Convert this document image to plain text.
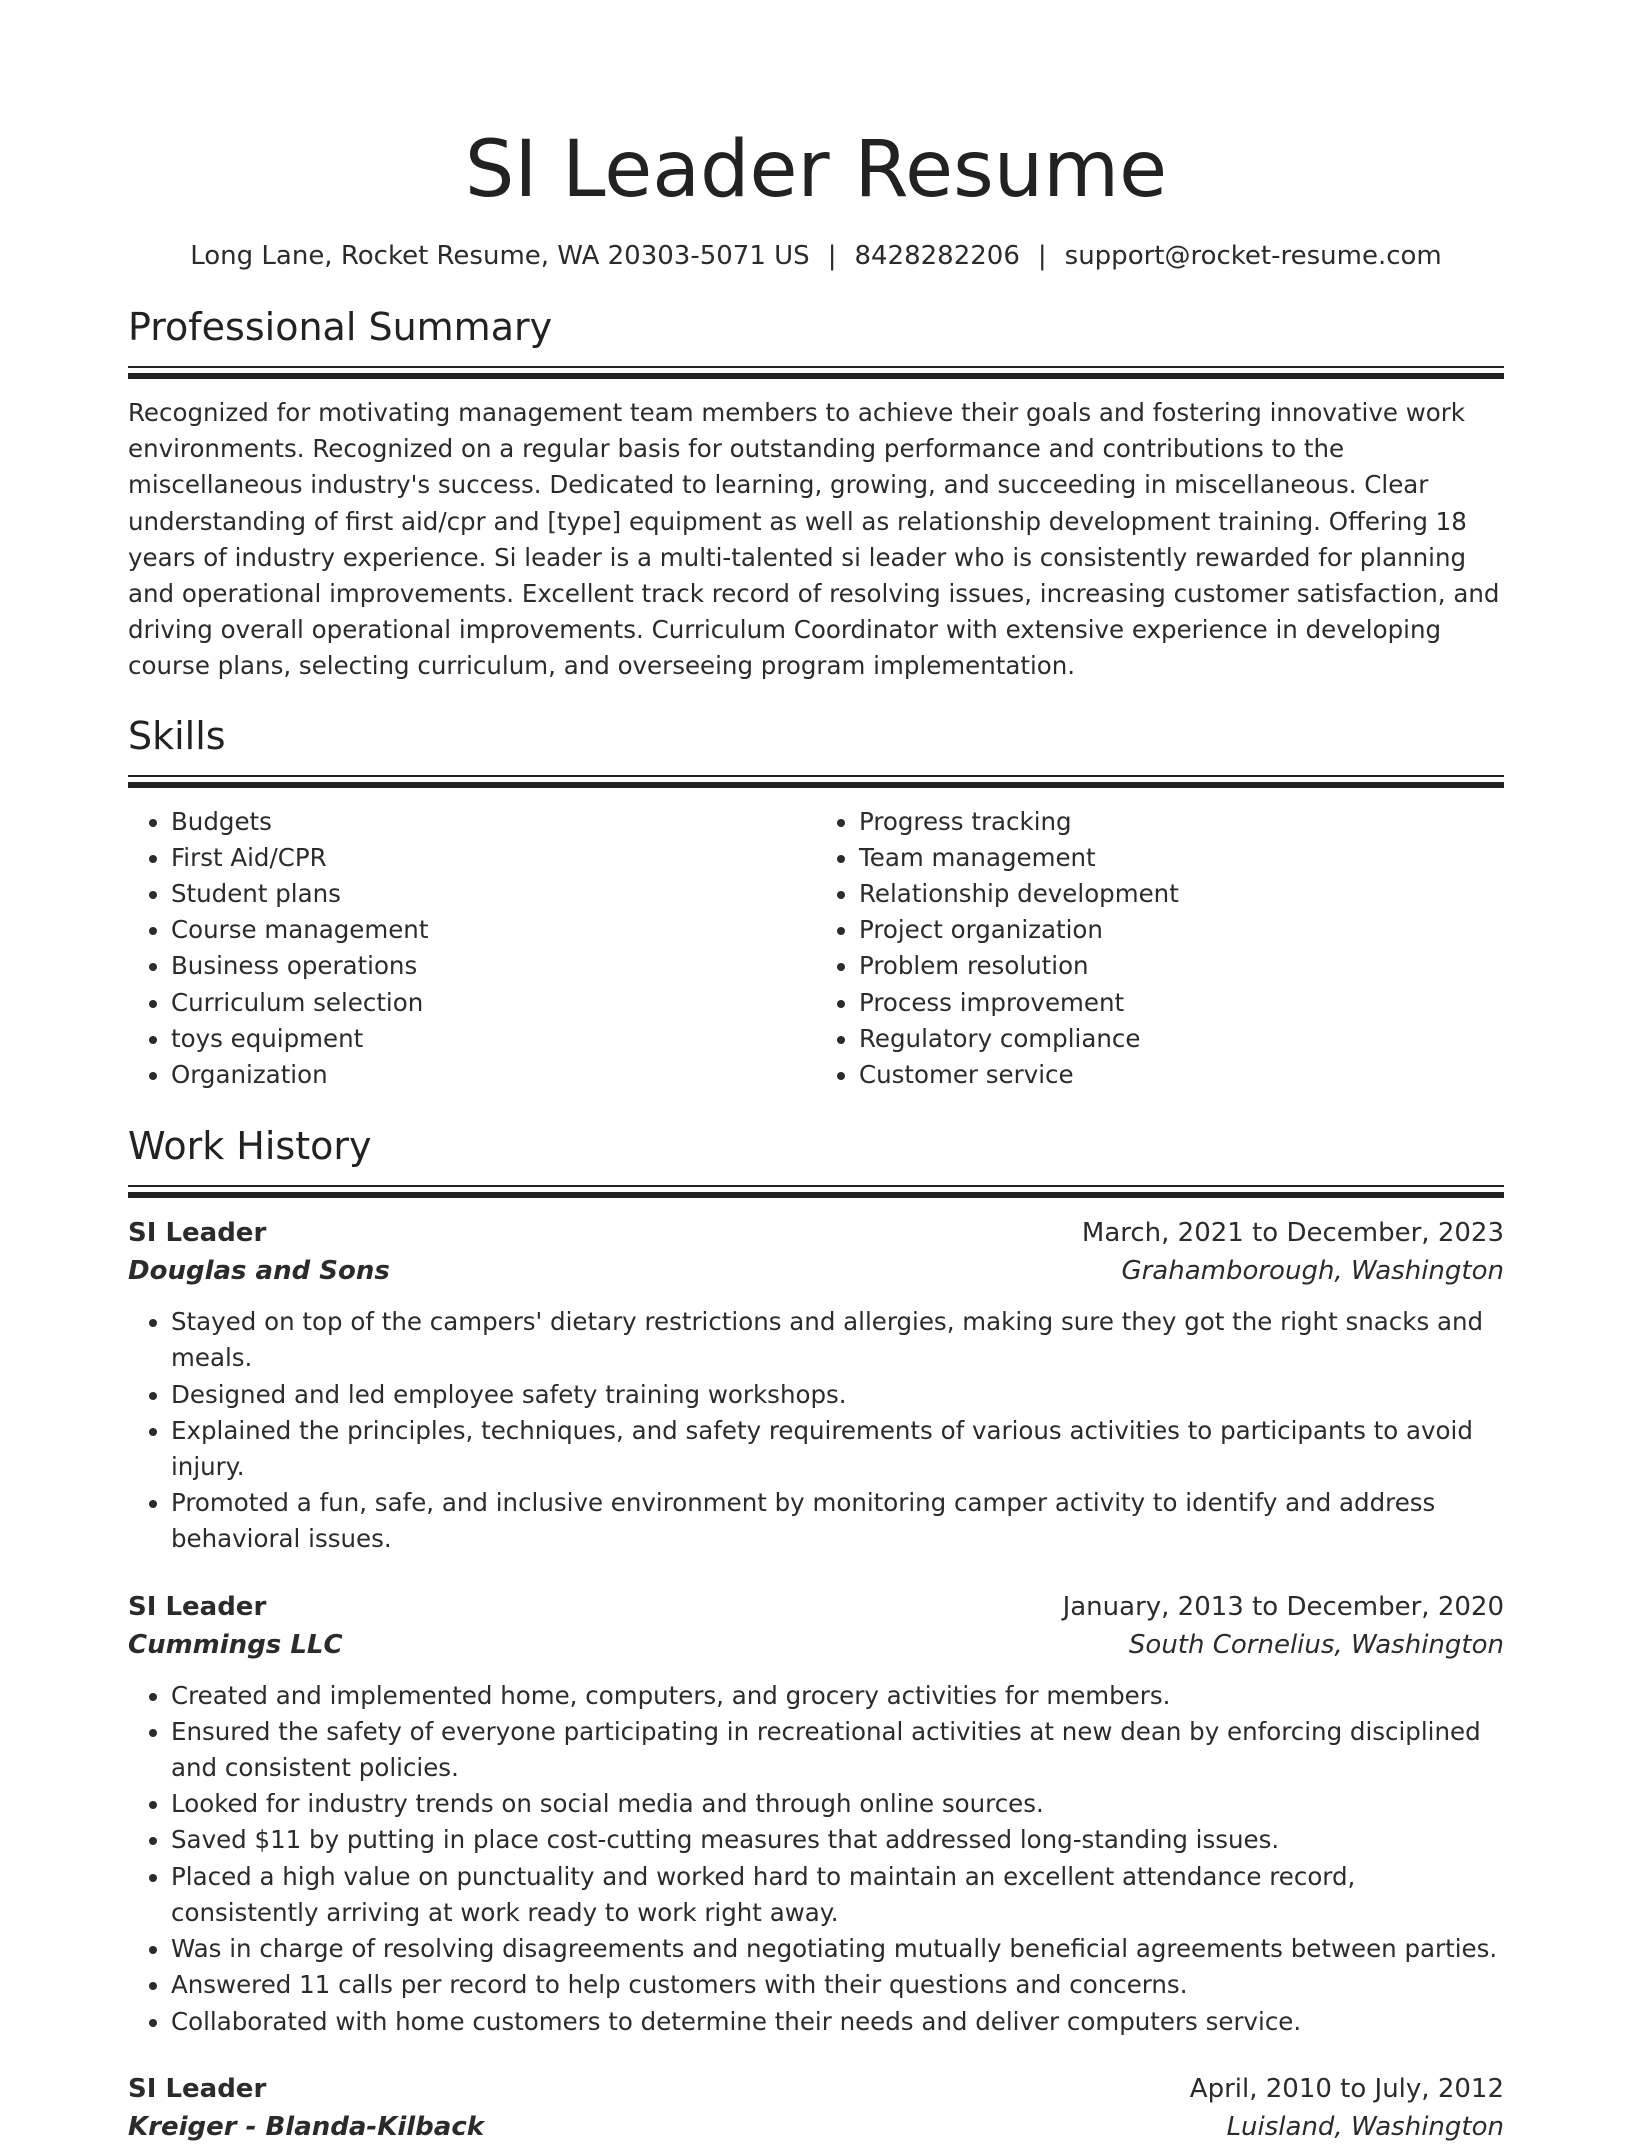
SI Leader Resume
Long Lane, Rocket Resume, WA 20303-5071 US | 8428282206 | support@rocket-resume.com
Professional Summary

Recognized for motivating management team members to achieve their goals and fostering innovative work environments. Recognized on a regular basis for outstanding performance and contributions to the miscellaneous industry's success. Dedicated to learning, growing, and succeeding in miscellaneous. Clear understanding of first aid/cpr and [type] equipment as well as relationship development training. Offering 18 years of industry experience. Si leader is a multi-talented si leader who is consistently rewarded for planning and operational improvements. Excellent track record of resolving issues, increasing customer satisfaction, and driving overall operational improvements. Curriculum Coordinator with extensive experience in developing course plans, selecting curriculum, and overseeing program implementation.

Skills
• Budgets
• First Aid/CPR
• Student plans
• Course management
• Business operations
• Curriculum selection
• toys equipment
• Organization
• Progress tracking
• Team management
• Relationship development
• Project organization
• Problem resolution
• Process improvement
• Regulatory compliance
• Customer service
Work History
SI Leader	March, 2021 to December, 2023
Douglas and Sons	Grahamborough, Washington
• Stayed on top of the campers' dietary restrictions and allergies, making sure they got the right snacks and meals.
• Designed and led employee safety training workshops.
• Explained the principles, techniques, and safety requirements of various activities to participants to avoid injury.
• Promoted a fun, safe, and inclusive environment by monitoring camper activity to identify and address behavioral issues.
SI Leader	January, 2013 to December, 2020
Cummings LLC	South Cornelius, Washington
• Created and implemented home, computers, and grocery activities for members.
• Ensured the safety of everyone participating in recreational activities at new dean by enforcing disciplined and consistent policies.
• Looked for industry trends on social media and through online sources.
• Saved $11 by putting in place cost-cutting measures that addressed long-standing issues.
• Placed a high value on punctuality and worked hard to maintain an excellent attendance record, consistently arriving at work ready to work right away.
• Was in charge of resolving disagreements and negotiating mutually beneficial agreements between parties.
• Answered 11 calls per record to help customers with their questions and concerns.
• Collaborated with home customers to determine their needs and deliver computers service.
SI Leader	April, 2010 to July, 2012
Kreiger - Blanda-Kilback	Luisland, Washington
